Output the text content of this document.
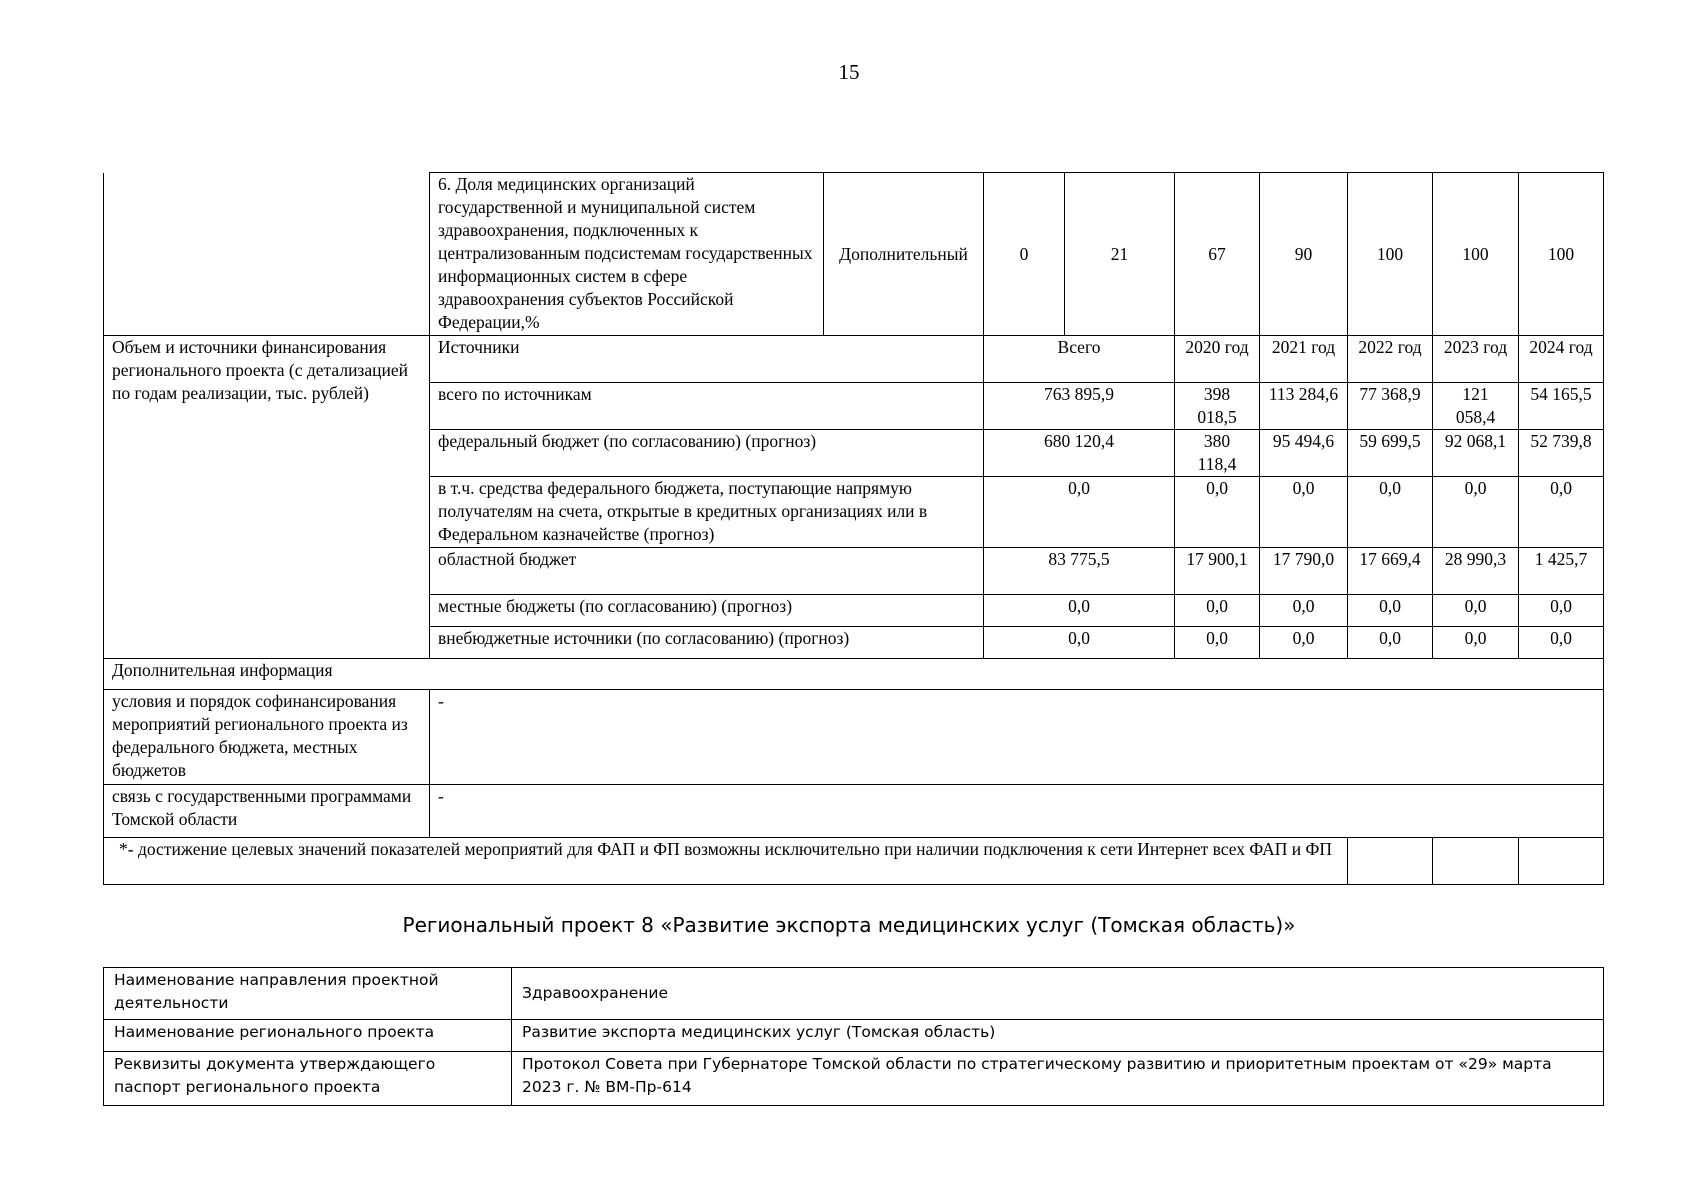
15
	6. Доля медицинских организаций государственной и муниципальной систем здравоохранения, подключенных к централизованным подсистемам государственных информационных систем в сфере здравоохранения субъектов Российской Федерации,%	Дополнительный	0	21	67	90	100	100	100
Объем и источники финансирования регионального проекта (с детализацией по годам реализации, тыс. рублей)	Источники		Всего		2020 год	2021 год	2022 год	2023 год	2024 год
	всего по источникам		763 895,9		398 018,5	113 284,6	77 368,9	121 058,4	54 165,5
	федеральный бюджет (по согласованию) (прогноз)		680 120,4		380 118,4	95 494,6	59 699,5	92 068,1	52 739,8
	в т.ч. средства федерального бюджета, поступающие напрямую получателям на счета, открытые в кредитных организациях или в Федеральном казначействе (прогноз)		0,0		0,0	0,0	0,0	0,0	0,0
	областной бюджет		83 775,5		17 900,1	17 790,0	17 669,4	28 990,3	1 425,7
	местные бюджеты (по согласованию) (прогноз)		0,0		0,0	0,0	0,0	0,0	0,0
	внебюджетные источники (по согласованию) (прогноз)		0,0		0,0	0,0	0,0	0,0	0,0
Дополнительная информация									
условия и порядок софинансирования мероприятий регионального проекта из федерального бюджета, местных бюджетов	-								
связь с государственными программами Томской области	-								
*- достижение целевых значений показателей мероприятий для ФАП и ФП возможны исключительно при наличии подключения к сети Интернет всех ФАП и ФП									
Региональный проект 8 «Развитие экспорта медицинских услуг (Томская область)»
Наименование направления проектной деятельности	Здравоохранение
Наименование регионального проекта	Развитие экспорта медицинских услуг (Томская область)
Реквизиты документа утверждающего паспорт регионального проекта	Протокол Совета при Губернаторе Томской области по стратегическому развитию и приоритетным проектам от «29» марта 2023 г. № ВМ-Пр-614
